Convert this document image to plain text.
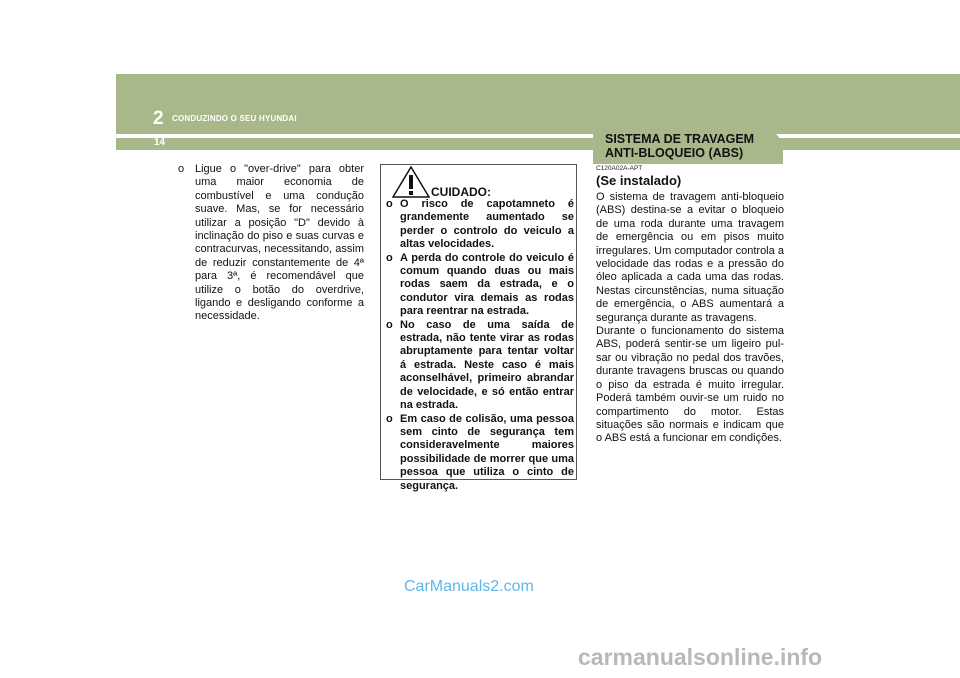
2 CONDUZINDO O SEU HYUNDAI
14	SISTEMA DE TRAVAGEM
ANTI-BLOQUEIO (ABS)
o Ligue o "over-drive" para obter uma maior economia de combustível e uma condução suave. Mas, se for necessário utilizar a posição "D" devido à inclinação do piso e suas curvas e contracurvas, necessitando, assim de reduzir constantemente de 4ª para 3ª, é recomendável que utilize o botão do overdrive, ligando e desligando conforme a necessidade.
CUIDADO:
o O risco de capotamneto é grandemente aumentado se perder o controlo do veiculo a altas velocidades.
o A perda do controle do veiculo é comum quando duas ou mais rodas saem da estrada, e o condutor vira demais as rodas para reentrar na estrada.
o No caso de uma saída de estrada, não tente virar as rodas abruptamente para tentar voltar á estrada. Neste caso é mais aconselhável, primeiro abrandar de velocidade, e só então entrar na estrada.
o Em caso de colisão, uma pessoa sem cinto de segurança tem consideravelmente maiores possibilidade de morrer que uma pessoa que utiliza o cinto de segurança.
C120A02A-APT
(Se instalado)
O sistema de travagem anti-bloqueio (ABS) destina-se a evitar o bloqueio de uma roda durante uma travagem de emergência ou em pisos muito irregulares. Um computador controla a velocidade das rodas e a pressão do óleo aplicada a cada uma das rodas. Nestas circunstências, numa situação de emergência, o ABS aumentará a segurança durante as travagens.
Durante o funcionamento do sistema ABS, poderá sentir-se um ligeiro pul- sar ou vibração no pedal dos travões, durante travagens bruscas ou quando o piso da estrada é muito irregular. Poderá também ouvir-se um ruido no compartimento do motor. Estas situações são normais e indicam que o ABS está a funcionar em condições.
CarManuals2.com
carmanualsonline.info
